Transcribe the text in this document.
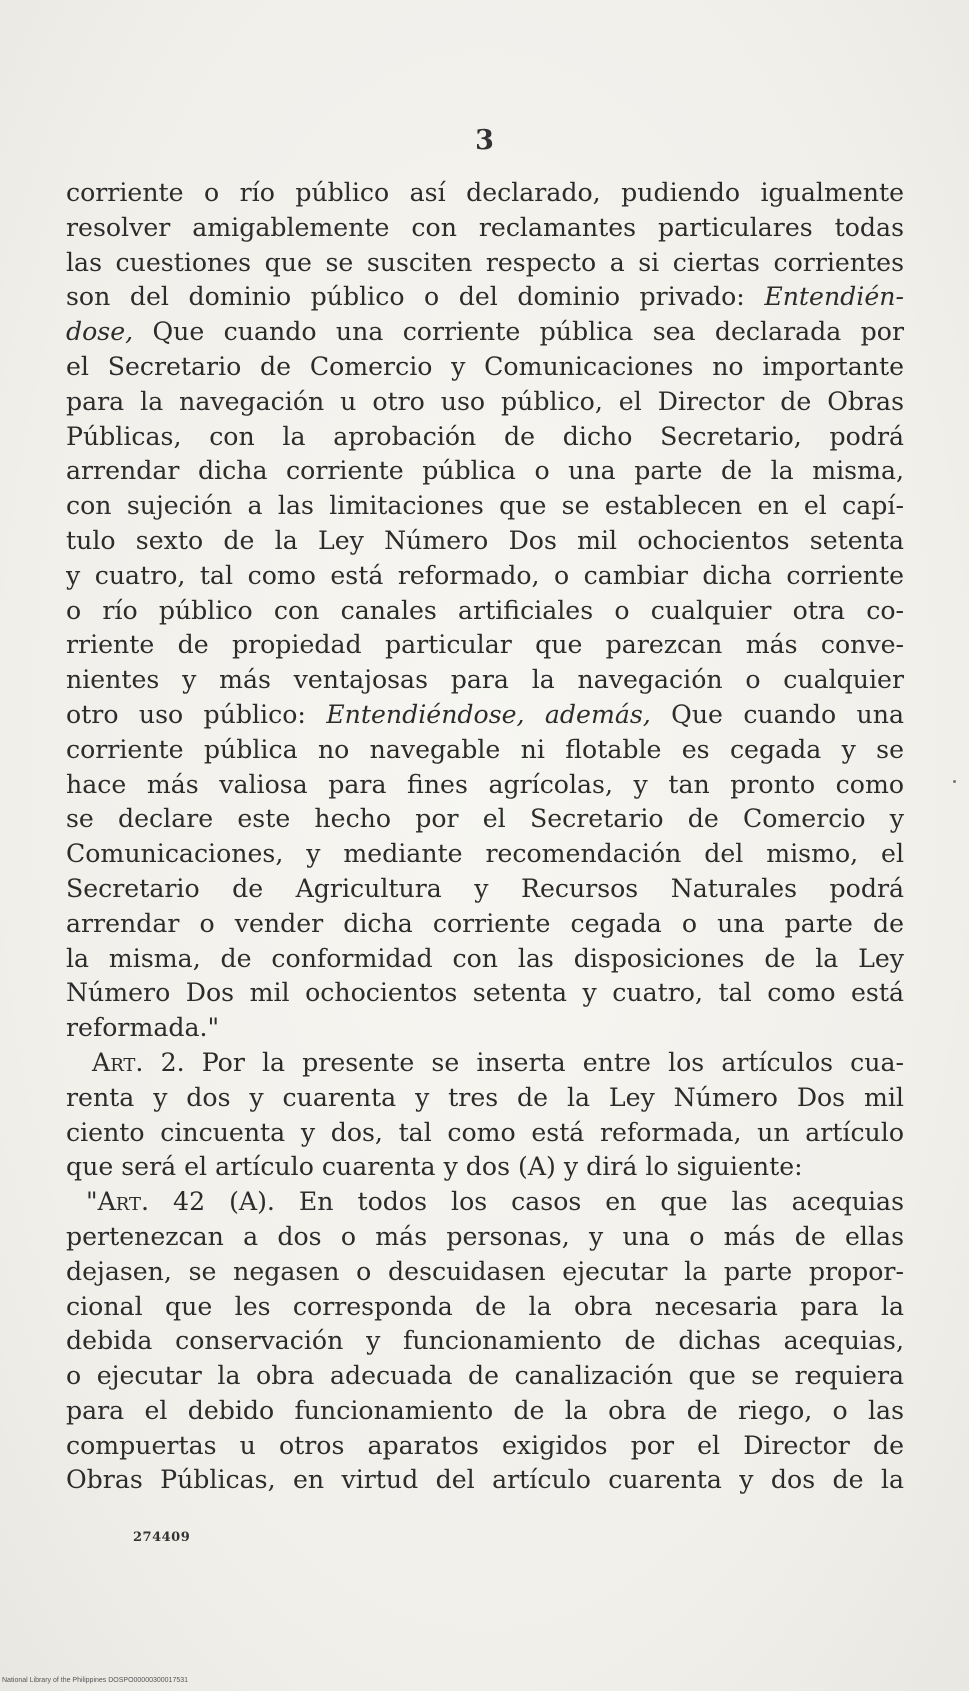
3
corriente o río público así declarado, pudiendo igualmente
resolver amigablemente con reclamantes particulares todas
las cuestiones que se susciten respecto a si ciertas corrientes
son del dominio público o del dominio privado: Entendién-
dose, Que cuando una corriente pública sea declarada por
el Secretario de Comercio y Comunicaciones no importante
para la navegación u otro uso público, el Director de Obras
Públicas, con la aprobación de dicho Secretario, podrá
arrendar dicha corriente pública o una parte de la misma,
con sujeción a las limitaciones que se establecen en el capí-
tulo sexto de la Ley Número Dos mil ochocientos setenta
y cuatro, tal como está reformado, o cambiar dicha corriente
o río público con canales artificiales o cualquier otra co-
rriente de propiedad particular que parezcan más conve-
nientes y más ventajosas para la navegación o cualquier
otro uso público: Entendiéndose, además, Que cuando una
corriente pública no navegable ni flotable es cegada y se
hace más valiosa para fines agrícolas, y tan pronto como
se declare este hecho por el Secretario de Comercio y
Comunicaciones, y mediante recomendación del mismo, el
Secretario de Agricultura y Recursos Naturales podrá
arrendar o vender dicha corriente cegada o una parte de
la misma, de conformidad con las disposiciones de la Ley
Número Dos mil ochocientos setenta y cuatro, tal como está
reformada."
Art. 2. Por la presente se inserta entre los artículos cua-
renta y dos y cuarenta y tres de la Ley Número Dos mil
ciento cincuenta y dos, tal como está reformada, un artículo
que será el artículo cuarenta y dos (A) y dirá lo siguiente:
"Art. 42 (A). En todos los casos en que las acequias
pertenezcan a dos o más personas, y una o más de ellas
dejasen, se negasen o descuidasen ejecutar la parte propor-
cional que les corresponda de la obra necesaria para la
debida conservación y funcionamiento de dichas acequias,
o ejecutar la obra adecuada de canalización que se requiera
para el debido funcionamiento de la obra de riego, o las
compuertas u otros aparatos exigidos por el Director de
Obras Públicas, en virtud del artículo cuarenta y dos de la
274409
National Library of the Philippines DOSPO00000300017531
